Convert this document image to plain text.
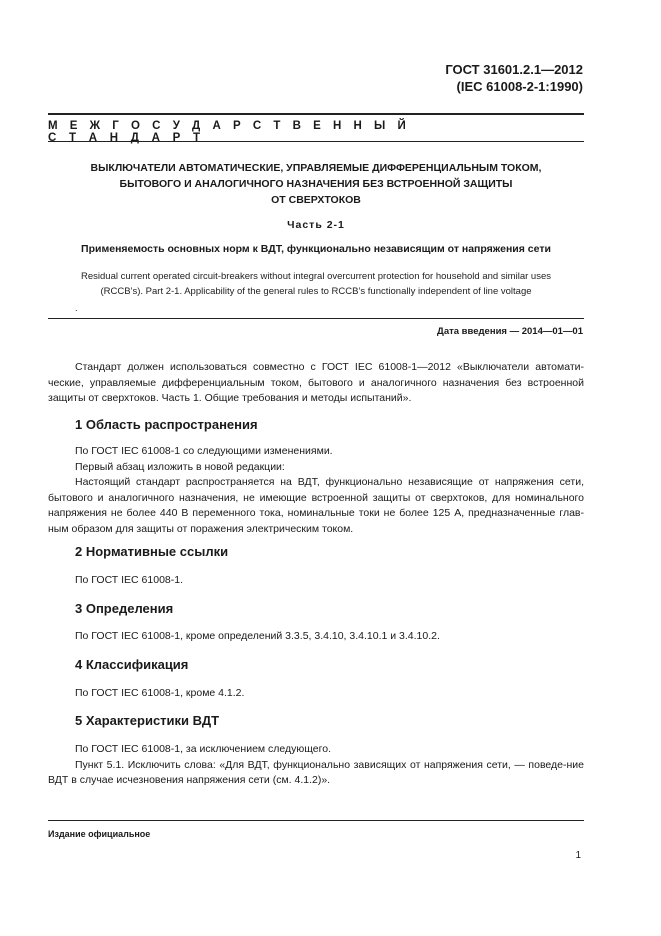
ГОСТ 31601.2.1—2012
(IEC 61008-2-1:1990)
М Е Ж Г О С У Д А Р С Т В Е Н Н Ы Й
С Т А Н Д А Р Т
ВЫКЛЮЧАТЕЛИ АВТОМАТИЧЕСКИЕ, УПРАВЛЯЕМЫЕ ДИФФЕРЕНЦИАЛЬНЫМ ТОКОМ,
БЫТОВОГО И АНАЛОГИЧНОГО НАЗНАЧЕНИЯ БЕЗ ВСТРОЕННОЙ ЗАЩИТЫ
ОТ СВЕРХТОКОВ
Часть 2-1
Применяемость основных норм к ВДТ, функционально независящим от напряжения сети
Residual current operated circuit-breakers without integral overcurrent protection for household and similar uses
(RCCB’s). Part 2-1. Applicability of the general rules to RCCB’s functionally independent of line voltage
.
Дата введения — 2014—01—01

Стандарт должен использоваться совместно с ГОСТ IEC 61008-1—2012 «Выключатели автомати-ческие, управляемые дифференциальным током, бытового и аналогичного назначения без встроенной защиты от сверхтоков. Часть 1. Общие требования и методы испытаний».

1 Область распространения

По ГОСТ IEC 61008-1 со следующими изменениями.

Первый абзац изложить в новой редакции:

Настоящий стандарт распространяется на ВДТ, функционально независящие от напряжения сети, бытового и аналогичного назначения, не имеющие встроенной защиты от сверхтоков, для номинального напряжения не более 440 В переменного тока, номинальные токи не более 125 А, предназначенные глав-ным образом для защиты от поражения электрическим током.

2 Нормативные ссылки

По ГОСТ IEC 61008-1.

3 Определения

По ГОСТ IEC 61008-1, кроме определений 3.3.5, 3.4.10, 3.4.10.1 и 3.4.10.2.

4 Классификация

По ГОСТ IEC 61008-1, кроме 4.1.2.

5 Характеристики ВДТ

По ГОСТ IEC 61008-1, за исключением следующего.

Пункт 5.1. Исключить слова: «Для ВДТ, функционально зависящих от напряжения сети, — поведе-ние ВДТ в случае исчезновения напряжения сети (см. 4.1.2)».

Издание официальное
1
